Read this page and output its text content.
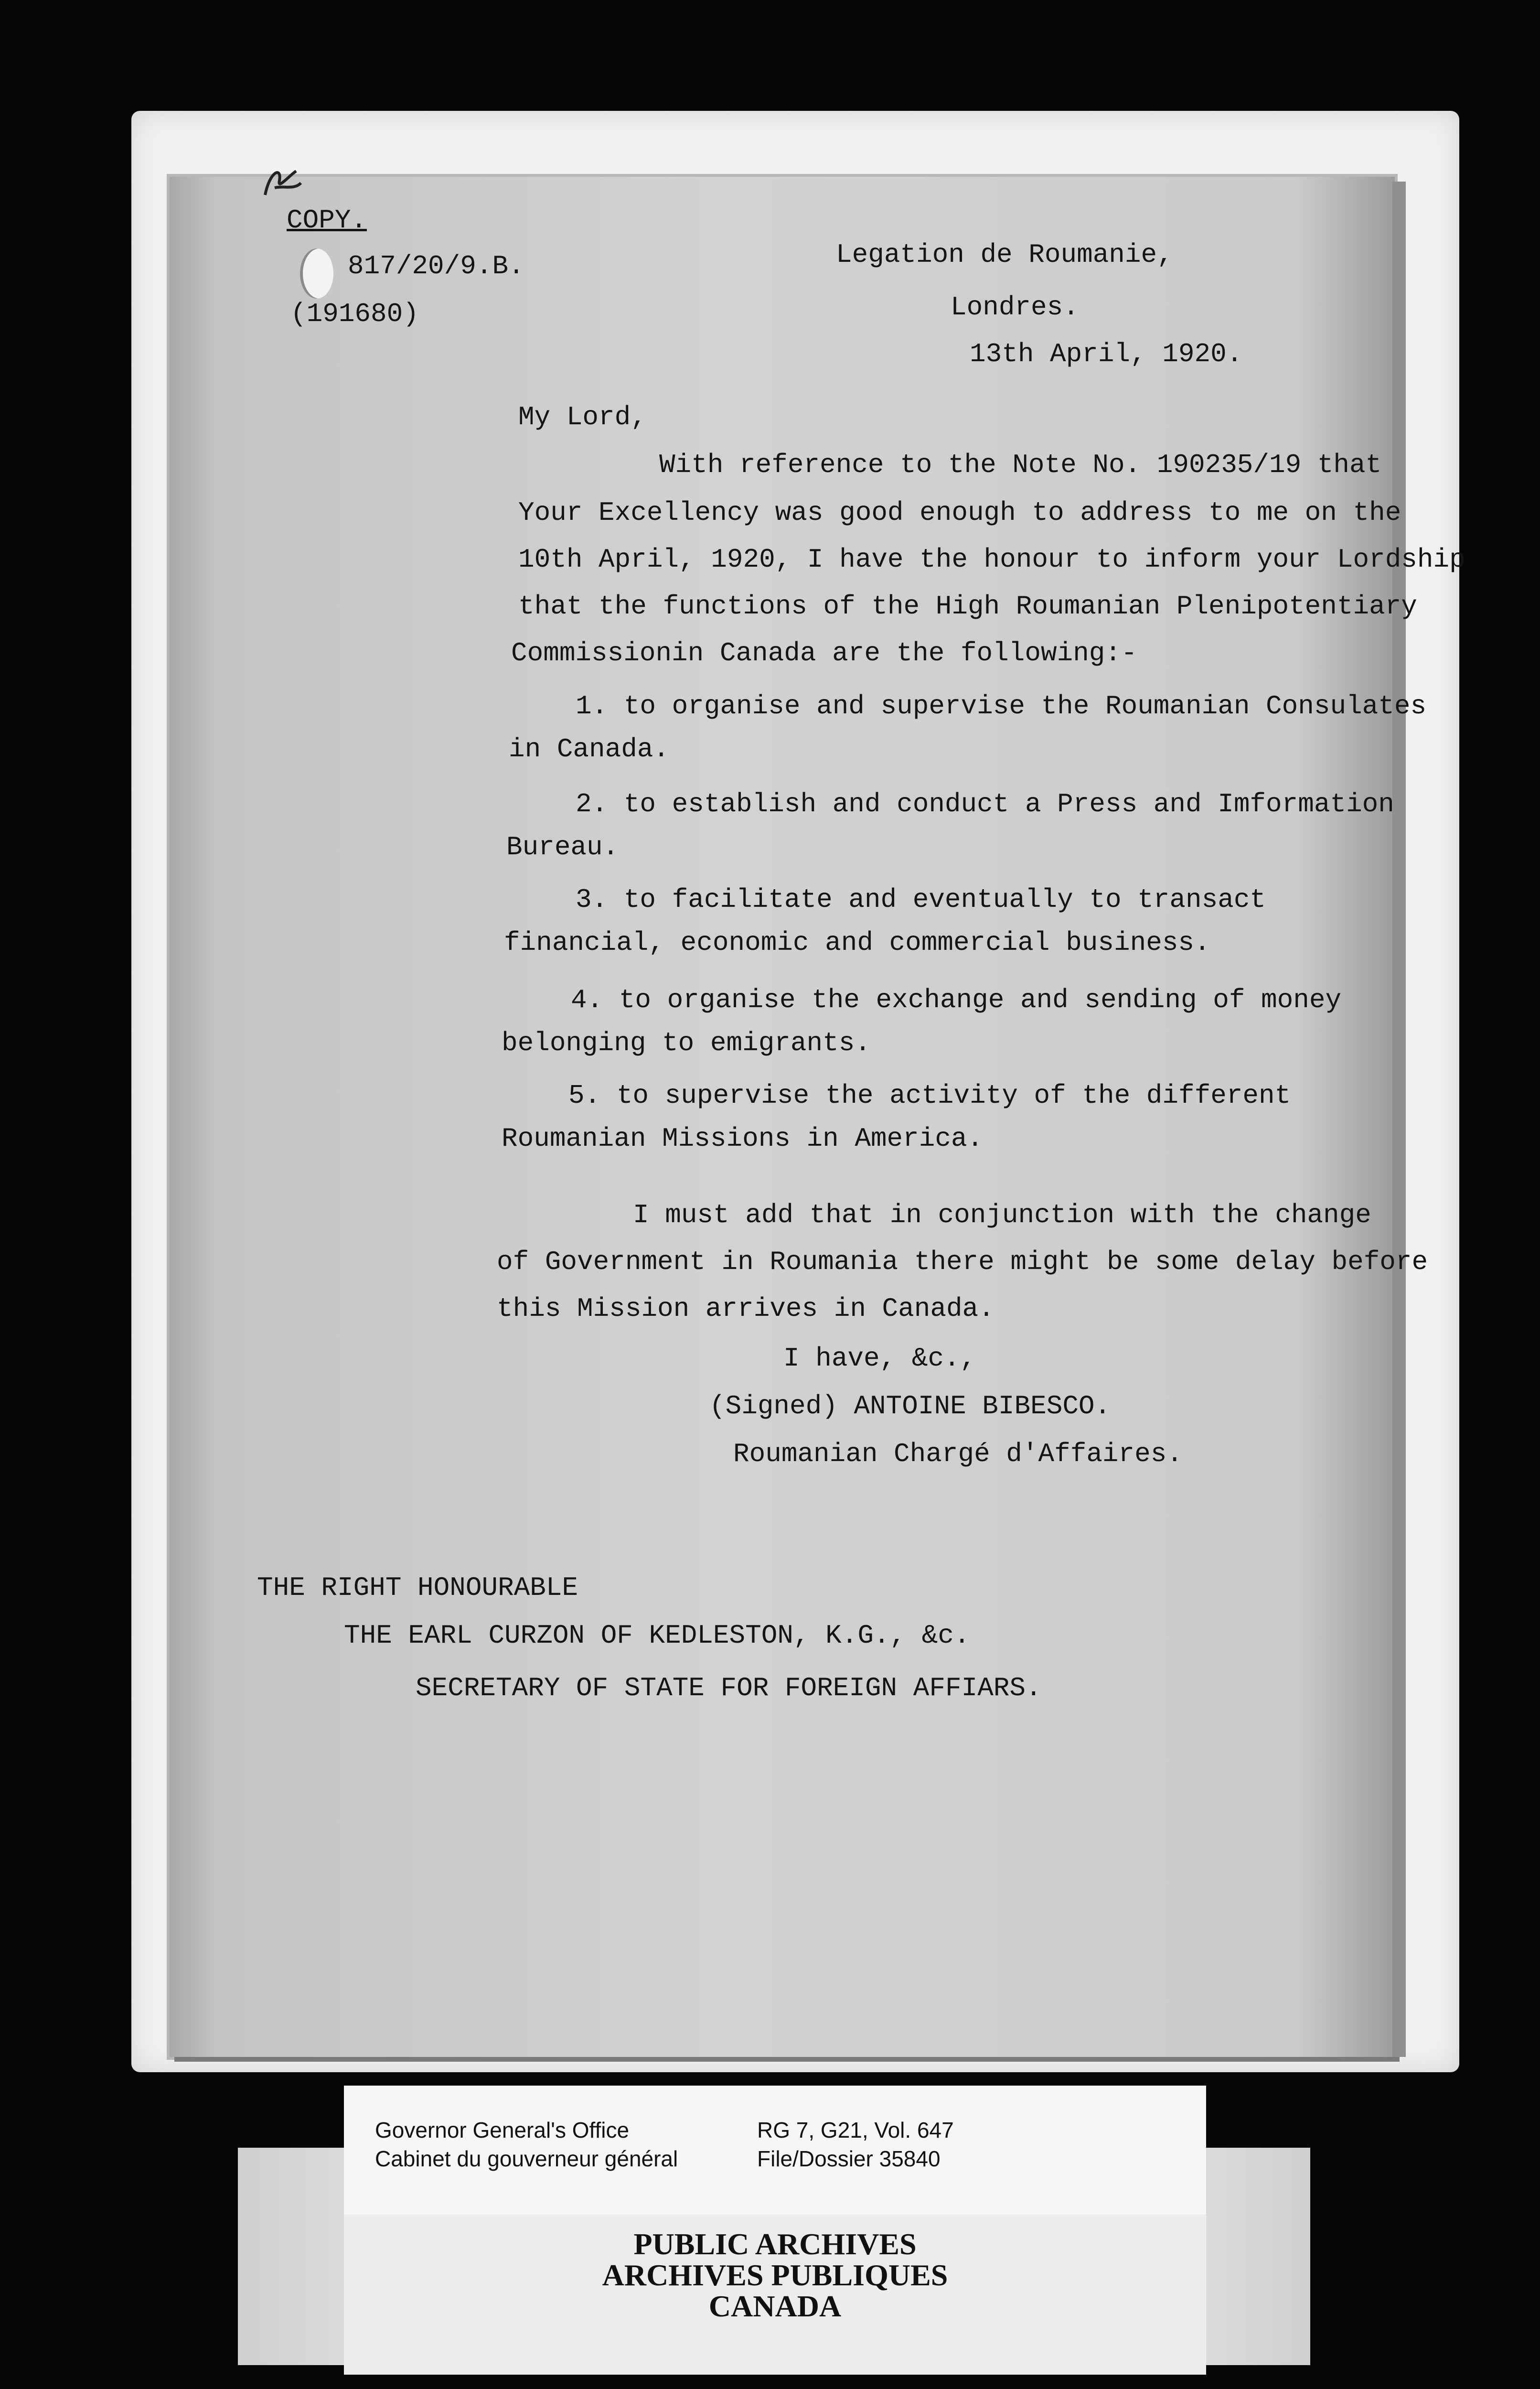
COPY.

817/20/9.B.

(191680)

Legation de Roumanie,

Londres.

13th April, 1920.

My Lord,

With reference to the Note No. 190235/19 that

Your Excellency was good enough to address to me on the

10th April, 1920, I have the honour to inform your Lordship

that the functions of the High Roumanian Plenipotentiary

Commissionin Canada are the following:-

1. to organise and supervise the Roumanian Consulates

in Canada.

2. to establish and conduct a Press and Imformation

Bureau.

3. to facilitate and eventually to transact

financial, economic and commercial business.

4. to organise the exchange and sending of money

belonging to emigrants.

5. to supervise the activity of the different

Roumanian Missions in America.

I must add that in conjunction with the change

of Government in Roumania there might be some delay before

this Mission arrives in Canada.

I have, &c.,

(Signed) ANTOINE BIBESCO.

Roumanian Chargé d'Affaires.

THE RIGHT HONOURABLE

THE EARL CURZON OF KEDLESTON, K.G., &c.

SECRETARY OF STATE FOR FOREIGN AFFIARS.

Governor General's Office
Cabinet du gouverneur général
RG 7, G21, Vol. 647
File/Dossier 35840
PUBLIC ARCHIVES
ARCHIVES PUBLIQUES
CANADA
